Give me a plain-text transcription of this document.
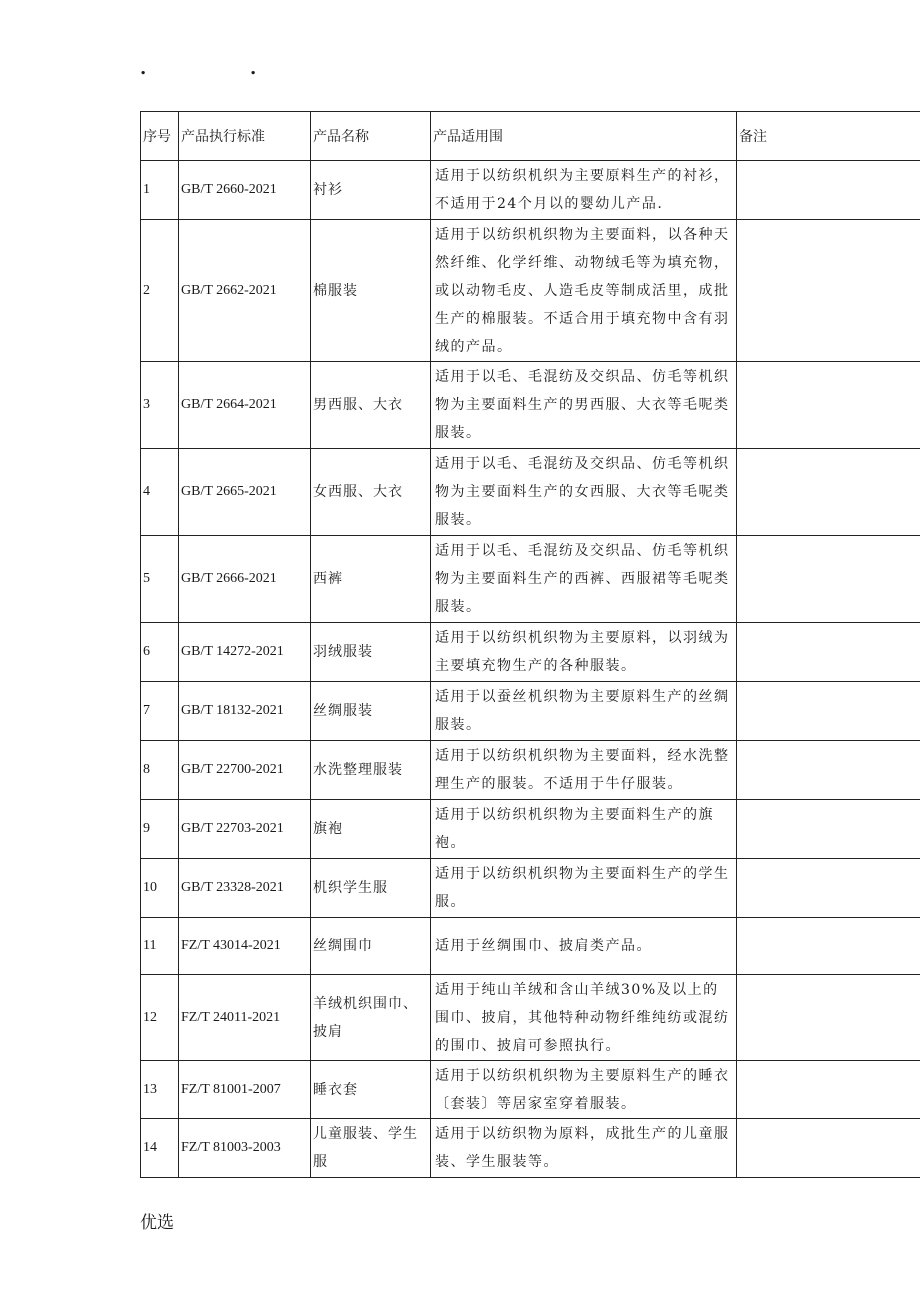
.	.
序号	产品执行标准	产品名称	产品适用围	备注
1	GB/T 2660-2021	衬衫	适用于以纺织机织为主要原料生产的衬衫，不适用于24个月以的婴幼儿产品.	
2	GB/T 2662-2021	棉服装	适用于以纺织机织物为主要面料，以各种天然纤维、化学纤维、动物绒毛等为填充物，或以动物毛皮、人造毛皮等制成活里，成批生产的棉服装。不适合用于填充物中含有羽绒的产品。	
3	GB/T 2664-2021	男西服、大衣	适用于以毛、毛混纺及交织品、仿毛等机织物为主要面料生产的男西服、大衣等毛呢类服装。	
4	GB/T 2665-2021	女西服、大衣	适用于以毛、毛混纺及交织品、仿毛等机织物为主要面料生产的女西服、大衣等毛呢类服装。	
5	GB/T 2666-2021	西裤	适用于以毛、毛混纺及交织品、仿毛等机织物为主要面料生产的西裤、西服裙等毛呢类服装。	
6	GB/T 14272-2021	羽绒服装	适用于以纺织机织物为主要原料，以羽绒为主要填充物生产的各种服装。	
7	GB/T 18132-2021	丝绸服装	适用于以蚕丝机织物为主要原料生产的丝绸服装。	
8	GB/T 22700-2021	水洗整理服装	适用于以纺织机织物为主要面料，经水洗整理生产的服装。不适用于牛仔服装。	
9	GB/T 22703-2021	旗袍	适用于以纺织机织物为主要面料生产的旗袍。	
10	GB/T 23328-2021	机织学生服	适用于以纺织机织物为主要面料生产的学生服。	
11	FZ/T 43014-2021	丝绸围巾	适用于丝绸围巾、披肩类产品。	
12	FZ/T 24011-2021	羊绒机织围巾、披肩	适用于纯山羊绒和含山羊绒30%及以上的围巾、披肩，其他特种动物纤维纯纺或混纺的围巾、披肩可参照执行。	
13	FZ/T 81001-2007	睡衣套	适用于以纺织机织物为主要原料生产的睡衣〔套装〕等居家室穿着服装。	
14	FZ/T 81003-2003	儿童服装、学生服	适用于以纺织物为原料，成批生产的儿童服装、学生服装等。	
优选
